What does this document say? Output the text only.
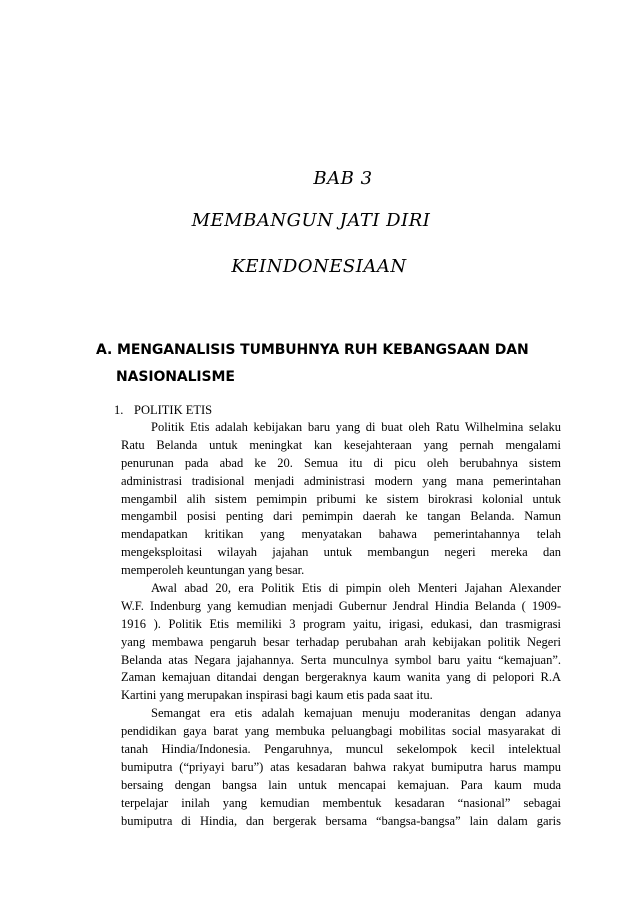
BAB 3
MEMBANGUN JATI DIRI
KEINDONESIAAN
A. MENGANALISIS TUMBUHNYA RUH KEBANGSAAN DAN
NASIONALISME
1. POLITIK ETIS
Politik Etis adalah kebijakan baru yang di buat oleh Ratu Wilhelmina selaku
Ratu Belanda untuk meningkat kan kesejahteraan yang pernah mengalami
penurunan pada abad ke 20. Semua itu di picu oleh berubahnya sistem
administrasi tradisional menjadi administrasi modern yang mana pemerintahan
mengambil alih sistem pemimpin pribumi ke sistem birokrasi kolonial untuk
mengambil posisi penting dari pemimpin daerah ke tangan Belanda. Namun
mendapatkan kritikan yang menyatakan bahawa pemerintahannya telah
mengeksploitasi wilayah jajahan untuk membangun negeri mereka dan
memperoleh keuntungan yang besar.
Awal abad 20, era Politik Etis di pimpin oleh Menteri Jajahan Alexander
W.F. Indenburg yang kemudian menjadi Gubernur Jendral Hindia Belanda ( 1909-
1916 ). Politik Etis memiliki 3 program yaitu, irigasi, edukasi, dan trasmigrasi
yang membawa pengaruh besar terhadap perubahan arah kebijakan politik Negeri
Belanda atas Negara jajahannya. Serta munculnya symbol baru yaitu “kemajuan”.
Zaman kemajuan ditandai dengan bergeraknya kaum wanita yang di pelopori R.A
Kartini yang merupakan inspirasi bagi kaum etis pada saat itu.
Semangat era etis adalah kemajuan menuju moderanitas dengan adanya
pendidikan gaya barat yang membuka peluangbagi mobilitas social masyarakat di
tanah Hindia/Indonesia. Pengaruhnya, muncul sekelompok kecil intelektual
bumiputra (“priyayi baru”) atas kesadaran bahwa rakyat bumiputra harus mampu
bersaing dengan bangsa lain untuk mencapai kemajuan. Para kaum muda
terpelajar inilah yang kemudian membentuk kesadaran “nasional” sebagai
bumiputra di Hindia, dan bergerak bersama “bangsa-bangsa” lain dalam garis
